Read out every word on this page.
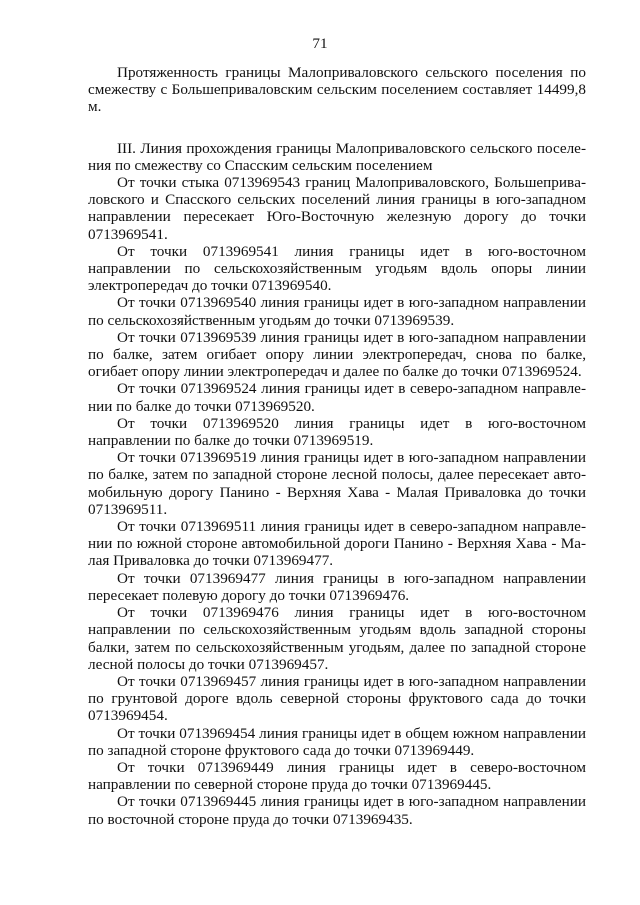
71

Протяженность границы Малоприваловского сельского поселения по смежеству с Большеприваловским сельским поселением составляет 14499,8 м.

III. Линия прохождения границы Малоприваловского сельского поселения по смежеству со Спасским сельским поселением

От точки стыка 0713969543 границ Малоприваловского, Большепривaловского и Спасского сельских поселений линия границы в юго-западном направлении пересекает Юго-Восточную железную дорогу до точки 0713969541.

От точки 0713969541 линия границы идет в юго-восточном направлении по сельскохозяйственным угодьям вдоль опоры линии электропередач до точки 0713969540.

От точки 0713969540 линия границы идет в юго-западном направлении по сельскохозяйственным угодьям до точки 0713969539.

От точки 0713969539 линия границы идет в юго-западном направлении по балке, затем огибает опору линии электропередач, снова по балке, огибает опору линии электропередач и далее по балке до точки 0713969524.

От точки 0713969524 линия границы идет в северо-западном направлении по балке до точки 0713969520.

От точки 0713969520 линия границы идет в юго-восточном направлении по балке до точки 0713969519.

От точки 0713969519 линия границы идет в юго-западном направлении по балке, затем по западной стороне лесной полосы, далее пересекает автомобильную дорогу Панино - Верхняя Хава - Малая Приваловка до точки 0713969511.

От точки 0713969511 линия границы идет в северо-западном направлении по южной стороне автомобильной дороги Панино - Верхняя Хава - Малая Приваловка до точки 0713969477.

От точки 0713969477 линия границы в юго-западном направлении пересекает полевую дорогу до точки 0713969476.

От точки 0713969476 линия границы идет в юго-восточном направлении по сельскохозяйственным угодьям вдоль западной стороны балки, затем по сельскохозяйственным угодьям, далее по западной стороне лесной полосы до точки 0713969457.

От точки 0713969457 линия границы идет в юго-западном направлении по грунтовой дороге вдоль северной стороны фруктового сада до точки 0713969454.

От точки 0713969454 линия границы идет в общем южном направлении по западной стороне фруктового сада до точки 0713969449.

От точки 0713969449 линия границы идет в северо-восточном направлении по северной стороне пруда до точки 0713969445.

От точки 0713969445 линия границы идет в юго-западном направлении по восточной стороне пруда до точки 0713969435.
